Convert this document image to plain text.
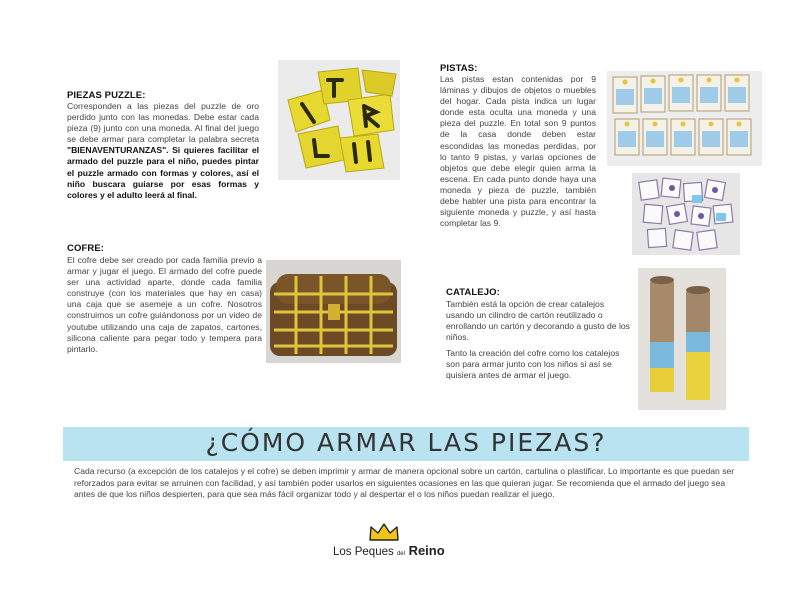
PIEZAS PUZZLE:

Corresponden a las piezas del puzzle de oro perdido junto con las monedas. Debe estar cada pieza (9) junto con una moneda. Al final del juego se debe armar para completar la palabra secreta "BIENAVENTURANZAS". Si quieres facilitar el armado del puzzle para el niño, puedes pintar el puzzle armado con formas y colores, así el niño buscara guiarse por esas formas y colores y el adulto leerá al final.

COFRE:

El cofre debe ser creado por cada familia previo a armar y jugar el juego. El armado del cofre puede ser una actividad aparte, donde cada familia construye (con los materiales que hay en casa) una caja que se asemeje a un cofre. Nosotros construimos un cofre guiándonoss por un video de youtube utilizando una caja de zapatos, cartones, silicona caliente para pegar todo y tempera para pintarlo.

PISTAS:

Las pistas estan contenidas por 9 láminas y dibujos de objetos o muebles del hogar. Cada pista indica un lugar donde esta oculta una moneda y una pieza del puzzle. En total son 9 puntos de la casa donde deben estar escondidas las monedas perdidas, por lo tanto 9 pistas, y varias opciones de objetos que debe elegir quien arma la escena. En cada punto donde haya una moneda y pieza de puzzle, también debe habler una pista para encontrar la siguiente moneda y puzzle, y así hasta completar las 9.

CATALEJO:

También está la opción de crear catalejos usando un cilindro de cartón reutilizado o enrollando un cartón y decorando a gusto de los niños.

Tanto la creación del cofre como los catalejos son para armar junto con los niños si así se quisiera antes de armar el juego.

¿CÓMO ARMAR LAS PIEZAS?

Cada recurso (a excepción de los catalejos y el cofre) se deben imprimir y armar de manera opcional sobre un cartón, cartulina o plastificar. Lo importante es que puedan ser reforzados para evitar se arruinen con facilidad, y así también poder usarlos en siguientes ocasiones en las que quieran jugar. Se recomienda que el armado del juego sea antes de que los niños despierten, para que sea más fácil organizar todo y al despertar el o los niños puedan realizar el juego.

Los Peques del Reino
